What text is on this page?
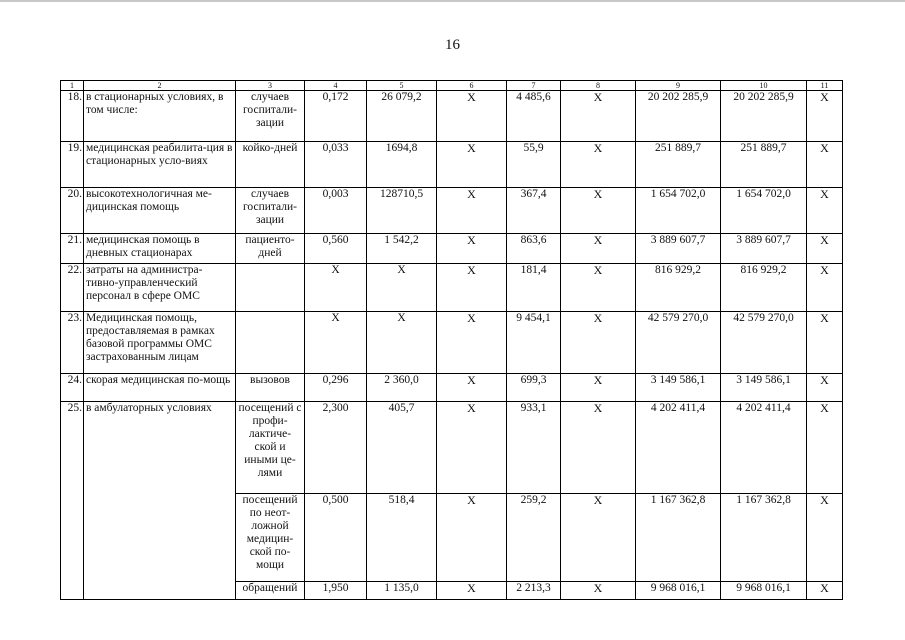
16
1	2	3	4	5	6	7	8	9	10	11
18.	в стационарных условиях, в том числе:	случаев госпитали-зации	0,172	26 079,2	Х	4 485,6	Х	20 202 285,9	20 202 285,9	Х
19.	медицинская реабилита-ция в стационарных усло-виях	койко-дней	0,033	1694,8	Х	55,9	Х	251 889,7	251 889,7	Х
20.	высокотехнологичная ме-дицинская помощь	случаев госпитали-зации	0,003	128710,5	Х	367,4	Х	1 654 702,0	1 654 702,0	Х
21.	медицинская помощь в дневных стационарах	пациенто-дней	0,560	1 542,2	Х	863,6	Х	3 889 607,7	3 889 607,7	Х
22.	затраты на администра-тивно-управленческий персонал в сфере ОМС		Х	Х	Х	181,4	Х	816 929,2	816 929,2	Х
23.	Медицинская помощь, предоставляемая в рамках базовой программы ОМС застрахованным лицам		Х	Х	Х	9 454,1	Х	42 579 270,0	42 579 270,0	Х
24.	скорая медицинская по-мощь	вызовов	0,296	2 360,0	Х	699,3	Х	3 149 586,1	3 149 586,1	Х
25.	в амбулаторных условиях	посещений с профи-лактиче-ской и иными це-лями	2,300	405,7	Х	933,1	Х	4 202 411,4	4 202 411,4	Х
		посещений по неот-ложной медицин-ской по-мощи	0,500	518,4	Х	259,2	Х	1 167 362,8	1 167 362,8	Х
		обращений	1,950	1 135,0	Х	2 213,3	Х	9 968 016,1	9 968 016,1	Х
